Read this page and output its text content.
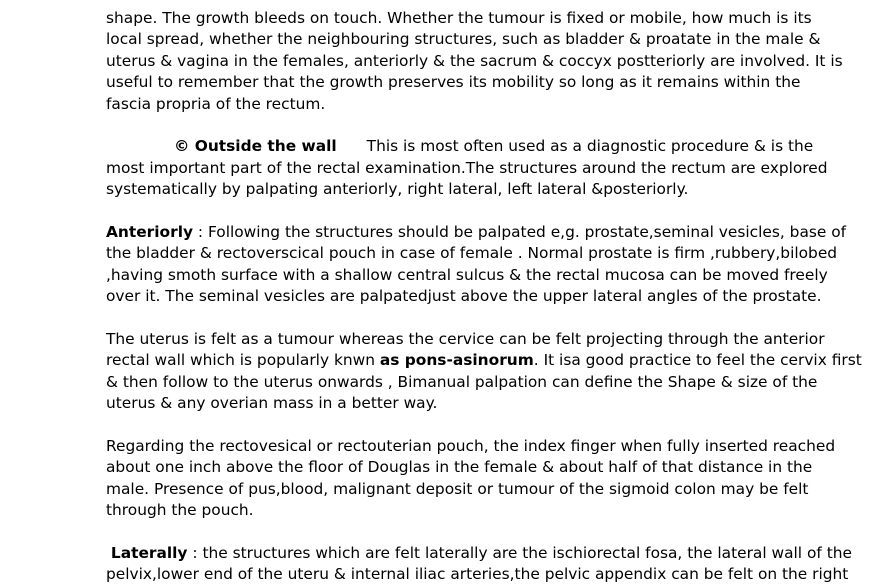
shape. The growth bleeds on touch. Whether the tumour is fixed or mobile, how much is its
local spread, whether the neighbouring structures, such as bladder & proatate in the male &
uterus & vagina in the females, anteriorly & the sacrum & coccyx postteriorly are involved. It is
useful to remember that the growth preserves its mobility so long as it remains within the
fascia propria of the rectum.

© Outside the wall This is most often used as a diagnostic procedure & is the
most important part of the rectal examination.The structures around the rectum are explored
systematically by palpating anteriorly, right lateral, left lateral &posteriorly.

Anteriorly : Following the structures should be palpated e,g. prostate,seminal vesicles, base of
the bladder & rectoverscical pouch in case of female . Normal prostate is firm ,rubbery,bilobed
,having smoth surface with a shallow central sulcus & the rectal mucosa can be moved freely
over it. The seminal vesicles are palpatedjust above the upper lateral angles of the prostate.

The uterus is felt as a tumour whereas the cervice can be felt projecting through the anterior
rectal wall which is popularly knwn as pons-asinorum. It isa good practice to feel the cervix first
& then follow to the uterus onwards , Bimanual palpation can define the Shape & size of the
uterus & any overian mass in a better way.

Regarding the rectovesical or rectouterian pouch, the index finger when fully inserted reached
about one inch above the floor of Douglas in the female & about half of that distance in the
male. Presence of pus,blood, malignant deposit or tumour of the sigmoid colon may be felt
through the pouch.

Laterally : the structures which are felt laterally are the ischiorectal fosa, the lateral wall of the
pelvix,lower end of the uteru & internal iliac arteries,the pelvic appendix can be felt on the right
